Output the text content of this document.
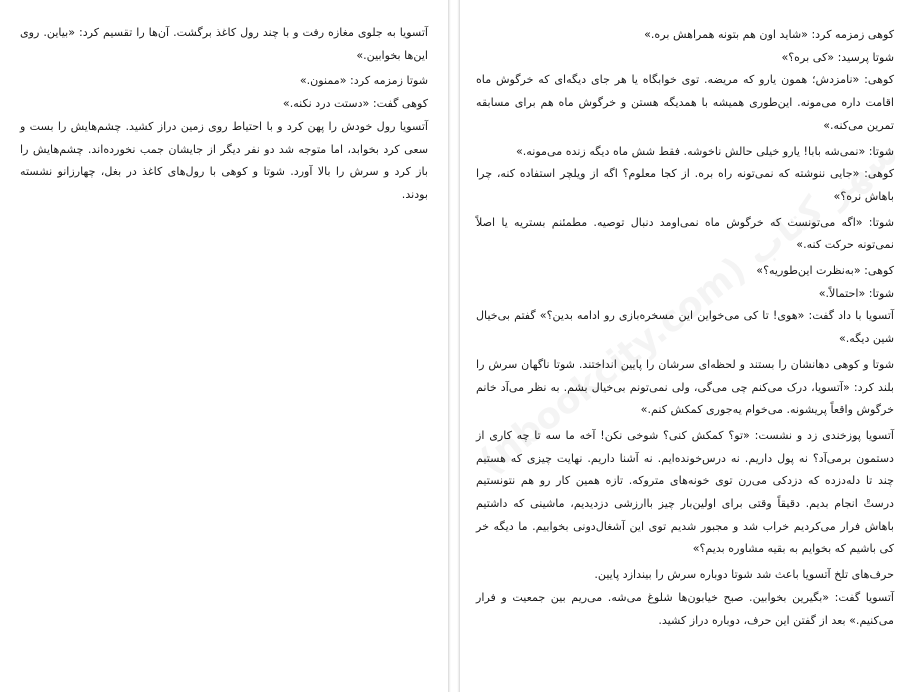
آتسویا به جلوی مغازه رفت و با چند رول کاغذ برگشت. آن‌ها را تقسیم کرد: «بیاین. روی این‌ها بخوابین.»

شوتا زمزمه کرد: «ممنون.»

کوهی گفت: «دستت درد نکنه.»

آتسویا رول خودش را پهن کرد و با احتیاط روی زمین دراز کشید. چشم‌هایش را بست و سعی کرد بخوابد، اما متوجه شد دو نفر دیگر از جایشان جمب نخورده‌اند. چشم‌هایش را باز کرد و سرش را بالا آورد. شوتا و کوهی با رول‌های کاغذ در بغل، چهارزانو نشسته بودند.

کوهی زمزمه کرد: «شاید اون هم بتونه همراهش بره.»

شوتا پرسید: «کی بره؟»

کوهی: «نامزدش؛ همون یارو که مریضه. توی خوابگاه یا هر جای دیگه‌ای که خرگوش ماه اقامت داره می‌مونه. این‌طوری همیشه با همدیگه هستن و خرگوش ماه هم برای مسابقه تمرین می‌کنه.»

شوتا: «نمی‌شه بابا! یارو خیلی حالش ناخوشه. فقط شش ماه دیگه زنده می‌مونه.»

کوهی: «جایی ننوشته که نمی‌تونه راه بره. از کجا معلوم؟ اگه از ویلچر استفاده کنه، چرا باهاش نره؟»

شوتا: «اگه می‌تونست که خرگوش ماه نمی‌اومد دنبال توصیه. مطمئنم بستریه یا اصلاً نمی‌تونه حرکت کنه.»

کوهی: «به‌نظرت این‌طوریه؟»

شوتا: «احتمالاً.»

آتسویا با داد گفت: «هوی! تا کی می‌خواین این مسخره‌بازی رو ادامه بدین؟» گفتم بی‌خیال شین دیگه.»

شوتا و کوهی دهانشان را بستند و لحظه‌ای سرشان را پایین انداختند. شوتا ناگهان سرش را بلند کرد: «آتسویا، درک می‌کنم چی می‌گی، ولی نمی‌تونم بی‌خیال بشم. به نظر می‌آد خانم خرگوش واقعاً پریشونه. می‌خوام یه‌جوری کمکش کنم.»

آتسویا پوزخندی زد و نشست: «تو؟ کمکش کنی؟ شوخی نکن! آخه ما سه تا چه کاری از دستمون برمی‌آد؟ نه پول داریم. نه درس‌خونده‌ایم. نه آشنا داریم. نهایت چیزی که هستیم چند تا دله‌دزده که دزدکی می‌رن توی خونه‌های متروکه. تازه همین کار رو هم نتونستیم درستْ انجام بدیم. دقیقاً وقتی برای اولین‌بار چیز باارزشی دزدیدیم، ماشینی که داشتیم باهاش فرار می‌کردیم خراب شد و مجبور شدیم توی این آشغال‌دونی بخوابیم. ما دیگه خر کی باشیم که بخوایم به بقیه مشاوره بدیم؟»

حرف‌های تلخ آتسویا باعث شد شوتا دوباره سرش را بیندازد پایین.

آتسویا گفت: «بگیرین بخوابین. صبح خیابون‌ها شلوغ می‌شه. می‌ریم بین جمعیت و فرار می‌کنیم.» بعد از گفتن این حرف، دوباره دراز کشید.
